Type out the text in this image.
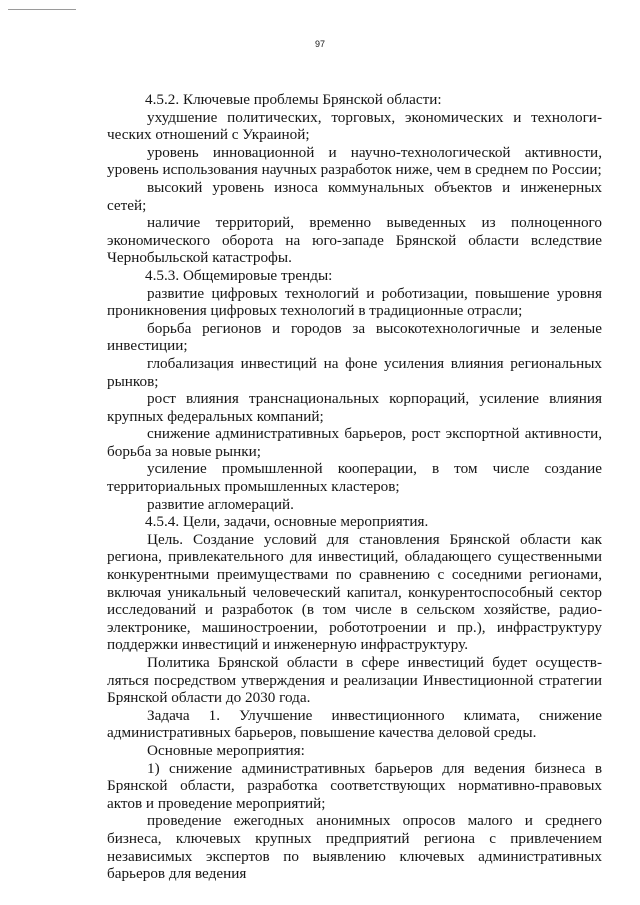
97

4.5.2. Ключевые проблемы Брянской области:

ухудшение политических, торговых, экономических и технологи-ческих отношений с Украиной;

уровень инновационной и научно-технологической активности, уровень использования научных разработок ниже, чем в среднем по России;

высокий уровень износа коммунальных объектов и инженерных сетей;

наличие территорий, временно выведенных из полноценного экономического оборота на юго-западе Брянской области вследствие Чернобыльской катастрофы.

4.5.3. Общемировые тренды:

развитие цифровых технологий и роботизации, повышение уровня проникновения цифровых технологий в традиционные отрасли;

борьба регионов и городов за высокотехнологичные и зеленые инвестиции;

глобализация инвестиций на фоне усиления влияния региональных рынков;

рост влияния транснациональных корпораций, усиление влияния крупных федеральных компаний;

снижение административных барьеров, рост экспортной активности, борьба за новые рынки;

усиление промышленной кооперации, в том числе создание территориальных промышленных кластеров;

развитие агломераций.

4.5.4. Цели, задачи, основные мероприятия.

Цель. Создание условий для становления Брянской области как региона, привлекательного для инвестиций, обладающего существенными конкурентными преимуществами по сравнению с соседними регионами, включая уникальный человеческий капитал, конкурентоспособный сектор исследований и разработок (в том числе в сельском хозяйстве, радио-электронике, машиностроении, робототроении и пр.), инфраструктуру поддержки инвестиций и инженерную инфраструктуру.

Политика Брянской области в сфере инвестиций будет осуществ-ляться посредством утверждения и реализации Инвестиционной стратегии Брянской области до 2030 года.

Задача 1. Улучшение инвестиционного климата, снижение административных барьеров, повышение качества деловой среды.

Основные мероприятия:

1) снижение административных барьеров для ведения бизнеса в Брянской области, разработка соответствующих нормативно-правовых актов и проведение мероприятий;

проведение ежегодных анонимных опросов малого и среднего бизнеса, ключевых крупных предприятий региона с привлечением независимых экспертов по выявлению ключевых административных барьеров для ведения
